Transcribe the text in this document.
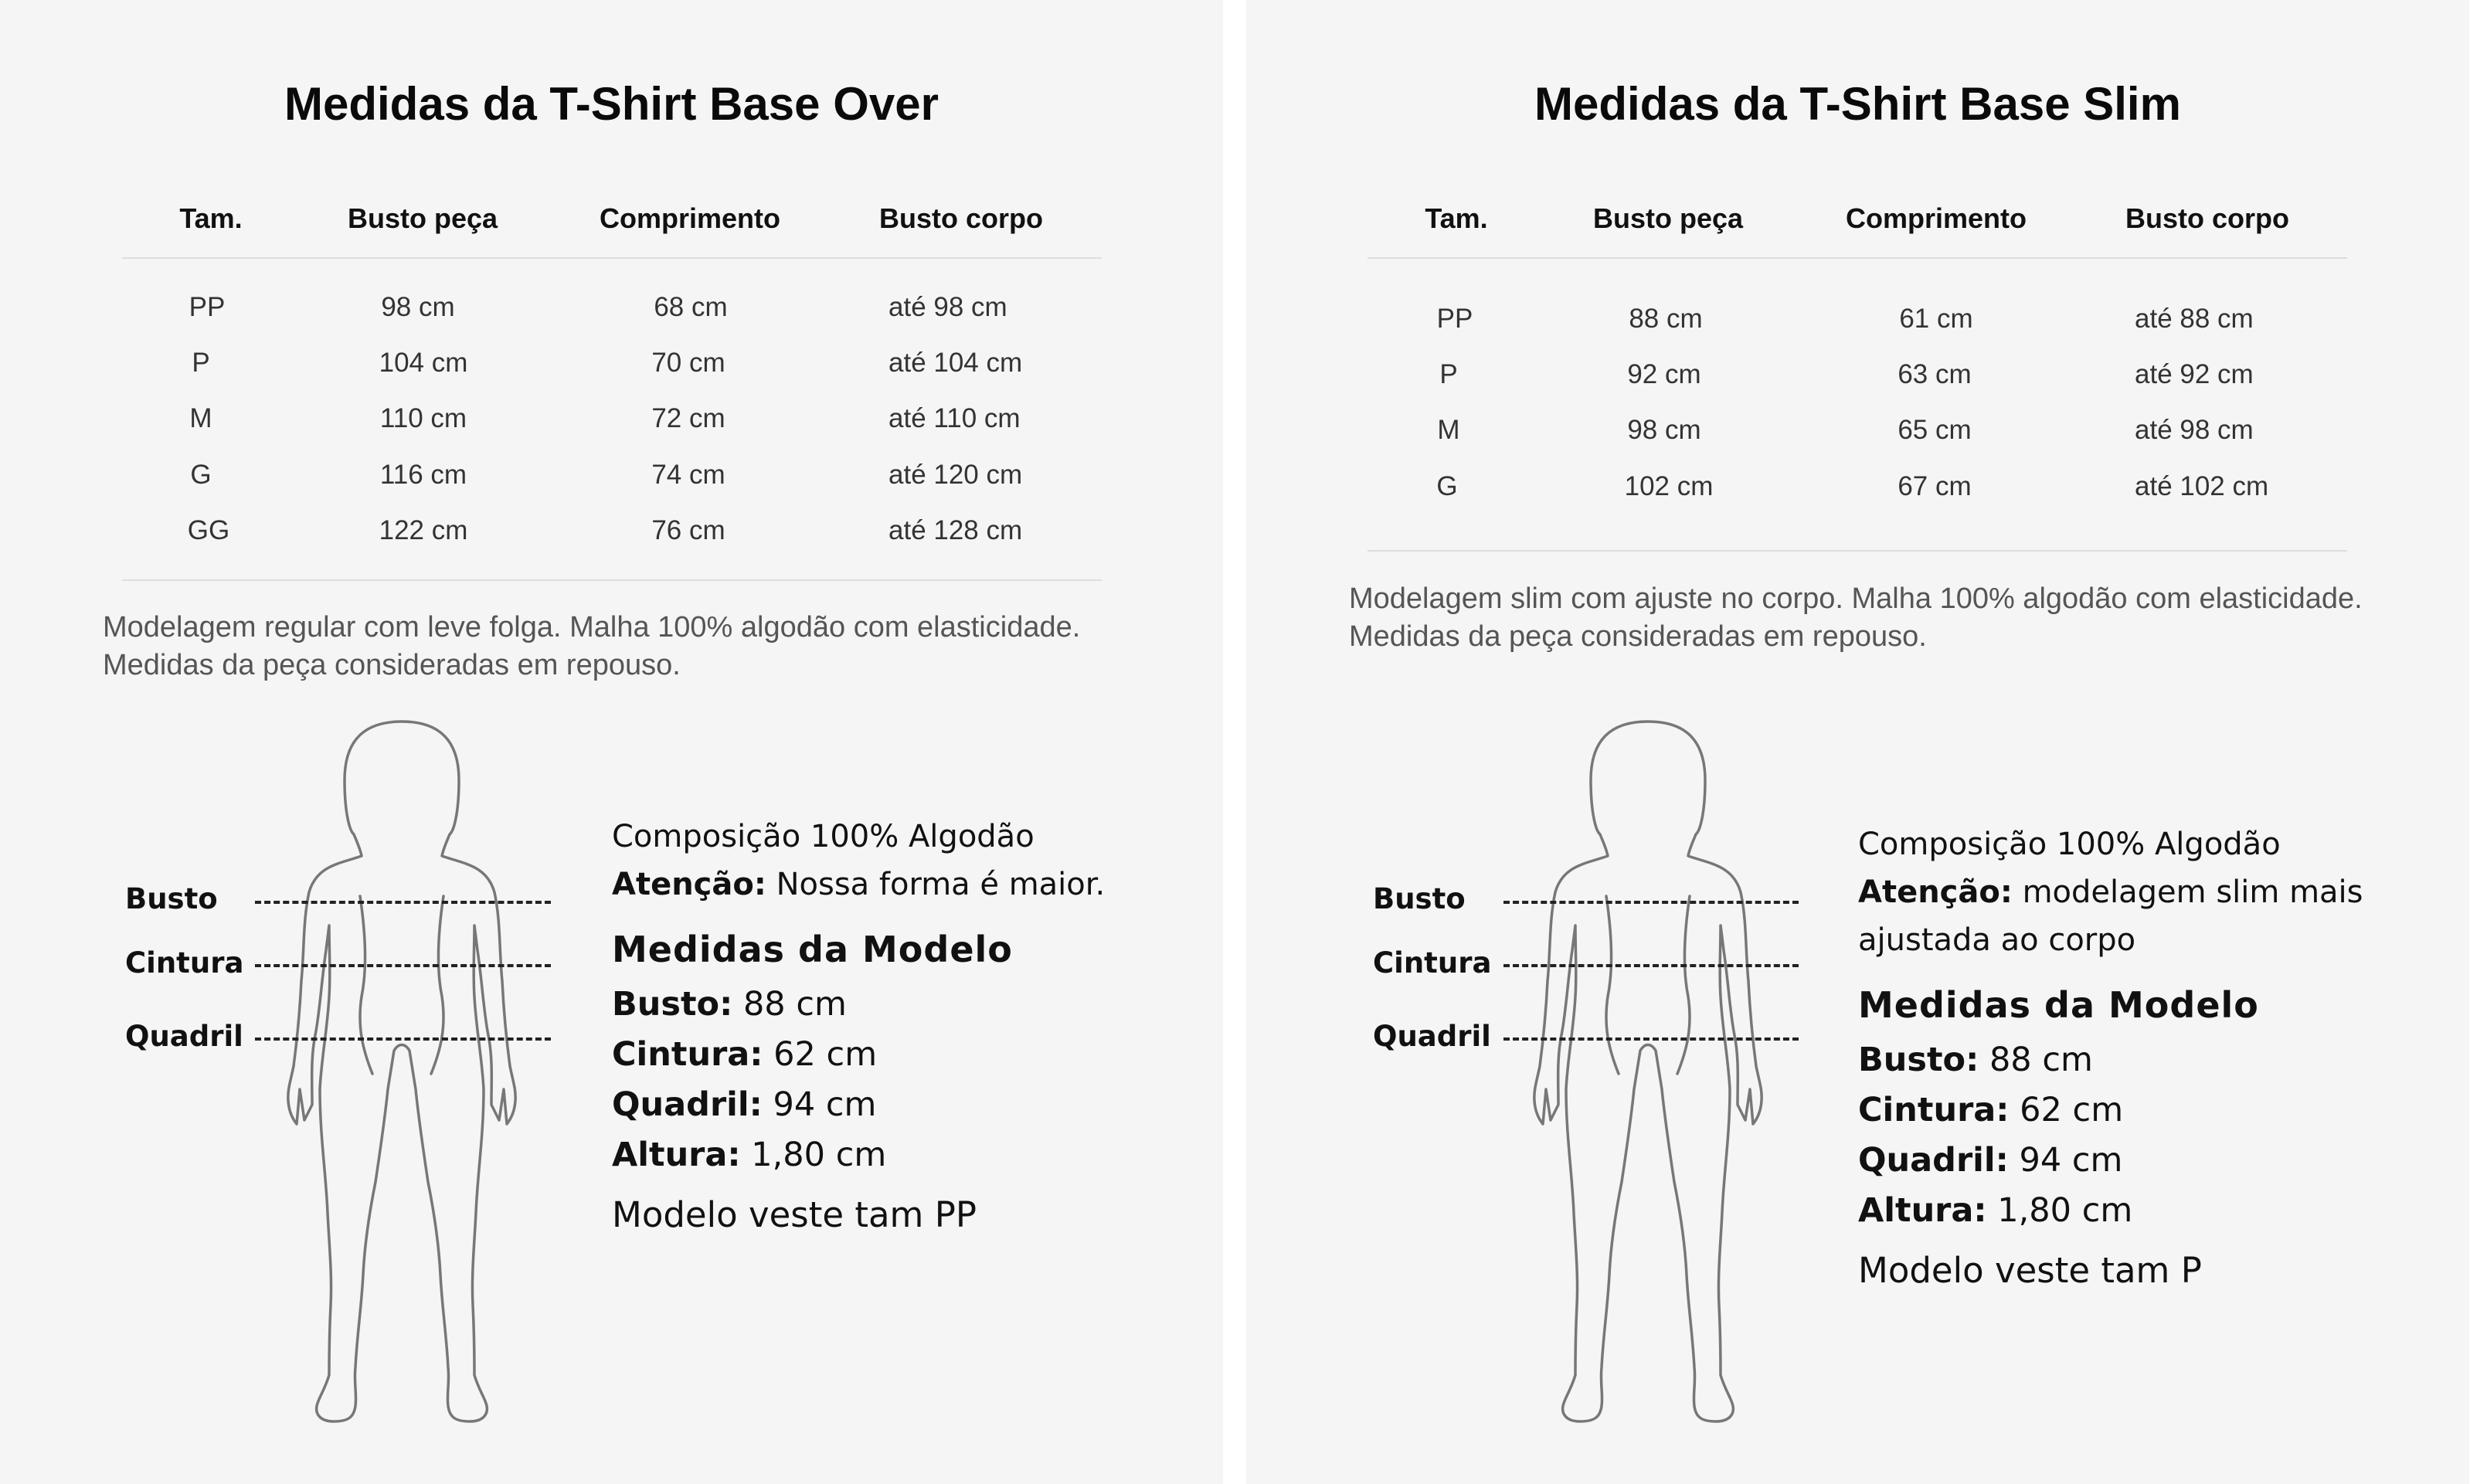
Medidas da T-Shirt Base Over
Tam.	Busto peça	Comprimento	Busto corpo
PP	98 cm	68 cm	até 98 cm
P	104 cm	70 cm	até 104 cm
M	110 cm	72 cm	até 110 cm
G	116 cm	74 cm	até 120 cm
GG	122 cm	76 cm	até 128 cm

Modelagem regular com leve folga. Malha 100% algodão com elasticidade.
Medidas da peça consideradas em repouso.

Busto
Cintura
Quadril
Composição 100% Algodão
Atenção: Nossa forma é maior.
Medidas da Modelo
Busto: 88 cm
Cintura: 62 cm
Quadril: 94 cm
Altura: 1,80 cm
Modelo veste tam PP
Medidas da T-Shirt Base Slim
Tam.	Busto peça	Comprimento	Busto corpo
PP	88 cm	61 cm	até 88 cm
P	92 cm	63 cm	até 92 cm
M	98 cm	65 cm	até 98 cm
G	102 cm	67 cm	até 102 cm

Modelagem slim com ajuste no corpo. Malha 100% algodão com elasticidade.
Medidas da peça consideradas em repouso.

Busto
Cintura
Quadril
Composição 100% Algodão
Atenção: modelagem slim mais
ajustada ao corpo
Medidas da Modelo
Busto: 88 cm
Cintura: 62 cm
Quadril: 94 cm
Altura: 1,80 cm
Modelo veste tam P
